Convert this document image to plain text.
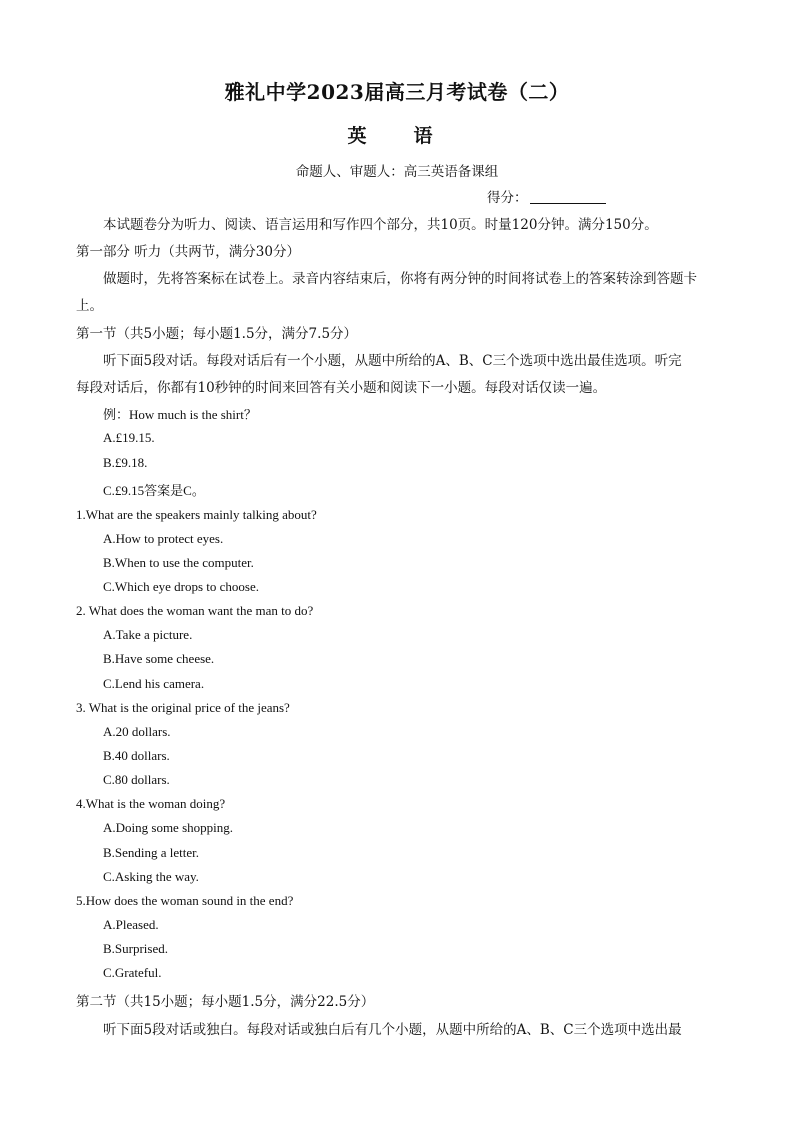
雅礼中学2023届高三月考试卷（二）
英　语
命题人、审题人：高三英语备课组
得分：
本试题卷分为听力、阅读、语言运用和写作四个部分，共10页。时量120分钟。满分150分。
第一部分 听力（共两节，满分30分）
做题时，先将答案标在试卷上。录音内容结束后，你将有两分钟的时间将试卷上的答案转涂到答题卡
上。
第一节（共5小题；每小题1.5分，满分7.5分）
听下面5段对话。每段对话后有一个小题，从题中所给的A、B、C三个选项中选出最佳选项。听完
每段对话后，你都有10秒钟的时间来回答有关小题和阅读下一小题。每段对话仅读一遍。
例：How much is the shirt？
A.£19.15.
B.£9.18.
C.£9.15答案是C。
1.What are the speakers mainly talking about?
A.How to protect eyes.
B.When to use the computer.
C.Which eye drops to choose.
2. What does the woman want the man to do?
A.Take a picture.
B.Have some cheese.
C.Lend his camera.
3. What is the original price of the jeans?
A.20 dollars.
B.40 dollars.
C.80 dollars.
4.What is the woman doing?
A.Doing some shopping.
B.Sending a letter.
C.Asking the way.
5.How does the woman sound in the end?
A.Pleased.
B.Surprised.
C.Grateful.
第二节（共15小题；每小题1.5分，满分22.5分）
听下面5段对话或独白。每段对话或独白后有几个小题，从题中所给的A、B、C三个选项中选出最
